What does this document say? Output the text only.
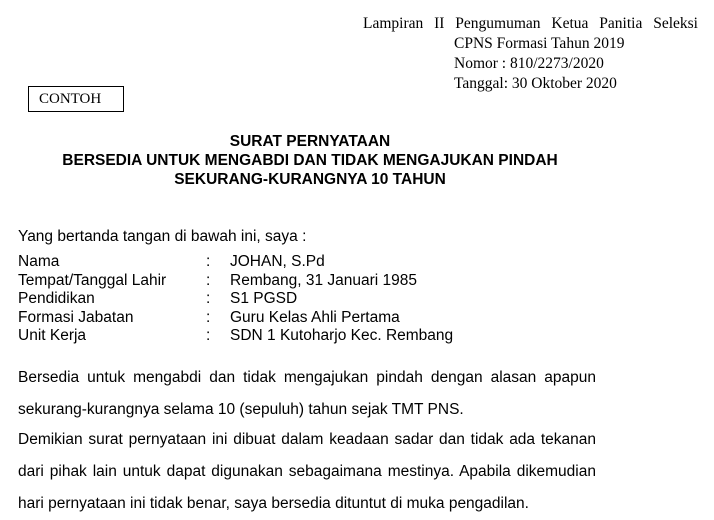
Lampiran II Pengumuman Ketua Panitia Seleksi
CPNS Formasi Tahun 2019
Nomor : 810/2273/2020
Tanggal: 30 Oktober 2020
CONTOH
SURAT PERNYATAAN
BERSEDIA UNTUK MENGABDI DAN TIDAK MENGAJUKAN PINDAH
SEKURANG-KURANGNYA 10 TAHUN
Yang bertanda tangan di bawah ini, saya :
Nama	:	JOHAN, S.Pd
Tempat/Tanggal Lahir	:	Rembang, 31 Januari 1985
Pendidikan	:	S1 PGSD
Formasi Jabatan	:	Guru Kelas Ahli Pertama
Unit Kerja	:	SDN 1 Kutoharjo Kec. Rembang
Bersedia untuk mengabdi dan tidak mengajukan pindah dengan alasan apapun sekurang-kurangnya selama 10 (sepuluh) tahun sejak TMT PNS.
Demikian surat pernyataan ini dibuat dalam keadaan sadar dan tidak ada tekanan dari pihak lain untuk dapat digunakan sebagaimana mestinya. Apabila dikemudian hari pernyataan ini tidak benar, saya bersedia dituntut di muka pengadilan.
